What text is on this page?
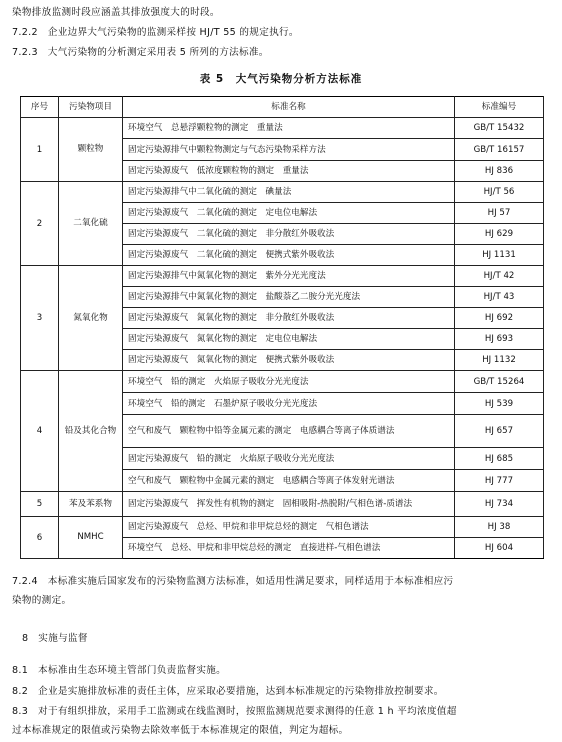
染物排放监测时段应涵盖其排放强度大的时段。
7.2.2　企业边界大气污染物的监测采样按 HJ/T 55 的规定执行。
7.2.3　大气污染物的分析测定采用表 5 所列的方法标准。
表 5　大气污染物分析方法标准
序号	污染物项目	标准名称	标准编号
1	颗粒物	环境空气　总悬浮颗粒物的测定　重量法	GB/T 15432
		固定污染源排气中颗粒物测定与气态污染物采样方法	GB/T 16157
		固定污染源废气　低浓度颗粒物的测定　重量法	HJ 836
2	二氧化硫	固定污染源排气中二氧化硫的测定　碘量法	HJ/T 56
		固定污染源废气　二氧化硫的测定　定电位电解法	HJ 57
		固定污染源废气　二氧化硫的测定　非分散红外吸收法	HJ 629
		固定污染源废气　二氧化硫的测定　便携式紫外吸收法	HJ 1131
3	氮氧化物	固定污染源排气中氮氧化物的测定　紫外分光光度法	HJ/T 42
		固定污染源排气中氮氧化物的测定　盐酸萘乙二胺分光光度法	HJ/T 43
		固定污染源废气　氮氧化物的测定　非分散红外吸收法	HJ 692
		固定污染源废气　氮氧化物的测定　定电位电解法	HJ 693
		固定污染源废气　氮氧化物的测定　便携式紫外吸收法	HJ 1132
4	铅及其化合物	环境空气　铅的测定　火焰原子吸收分光光度法	GB/T 15264
		环境空气　铅的测定　石墨炉原子吸收分光光度法	HJ 539
		空气和废气　颗粒物中铅等金属元素的测定　电感耦合等离子体质谱法	HJ 657
		固定污染源废气　铅的测定　火焰原子吸收分光光度法	HJ 685
		空气和废气　颗粒物中金属元素的测定　电感耦合等离子体发射光谱法	HJ 777
5	苯及苯系物	固定污染源废气　挥发性有机物的测定　固相吸附-热脱附/气相色谱-质谱法	HJ 734
6	NMHC	固定污染源废气　总烃、甲烷和非甲烷总烃的测定　气相色谱法	HJ 38
		环境空气　总烃、甲烷和非甲烷总烃的测定　直接进样-气相色谱法	HJ 604
7.2.4　本标准实施后国家发布的污染物监测方法标准，如适用性满足要求，同样适用于本标准相应污
染物的测定。
8　实施与监督
8.1　本标准由生态环境主管部门负责监督实施。
8.2　企业是实施排放标准的责任主体，应采取必要措施，达到本标准规定的污染物排放控制要求。
8.3　对于有组织排放，采用手工监测或在线监测时，按照监测规范要求测得的任意 1 h 平均浓度值超
过本标准规定的限值或污染物去除效率低于本标准规定的限值，判定为超标。
